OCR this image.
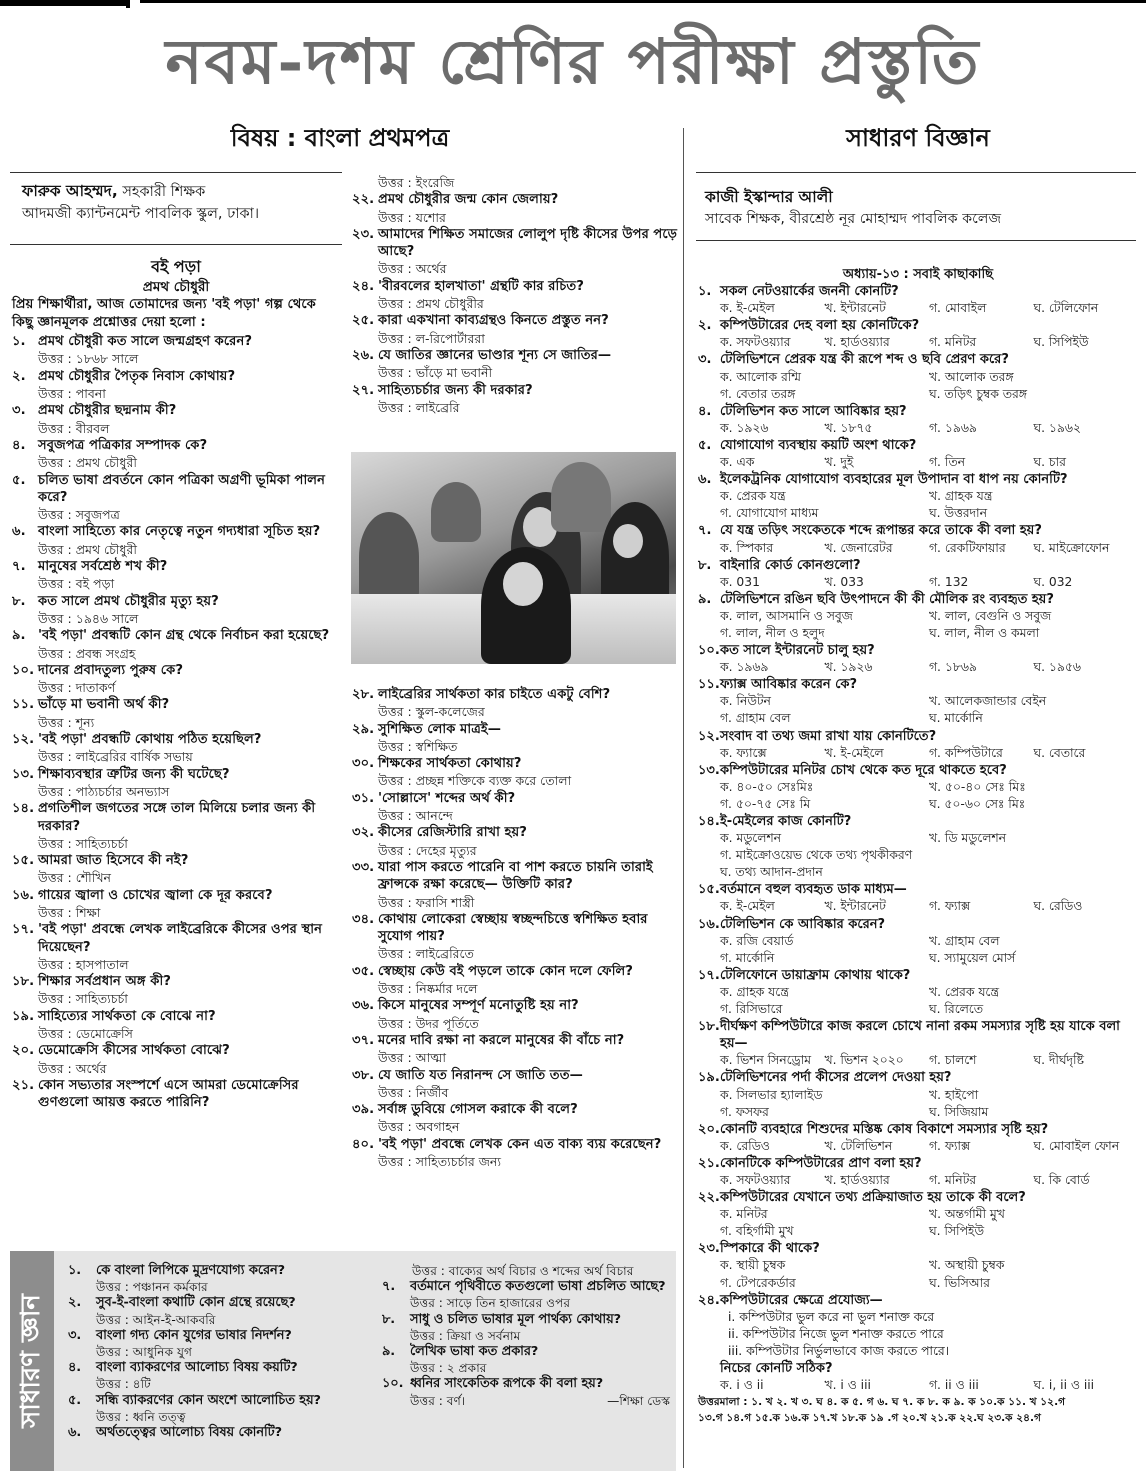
নবম-দশম শ্রেণির পরীক্ষা প্রস্তুতি
বিষয় : বাংলা প্রথমপত্র	সাধারণ বিজ্ঞান
ফারুক আহম্মদ, সহকারী শিক্ষক
আদমজী ক্যান্টনমেন্ট পাবলিক স্কুল, ঢাকা।
বই পড়া
প্রমথ চৌধুরী
প্রিয় শিক্ষার্থীরা, আজ তোমাদের জন্য 'বই পড়া' গল্প থেকে কিছু জ্ঞানমূলক প্রশ্নোত্তর দেয়া হলো :
১. প্রমথ চৌধুরী কত সালে জন্মগ্রহণ করেন?
উত্তর : ১৮৬৮ সালে
২. প্রমথ চৌধুরীর পৈতৃক নিবাস কোথায়?
উত্তর : পাবনা
৩. প্রমথ চৌধুরীর ছদ্মনাম কী?
উত্তর : বীরবল
৪. সবুজপত্র পত্রিকার সম্পাদক কে?
উত্তর : প্রমথ চৌধুরী
৫. চলিত ভাষা প্রবর্তনে কোন পত্রিকা অগ্রণী ভূমিকা পালন করে?
উত্তর : সবুজপত্র
৬. বাংলা সাহিত্যে কার নেতৃত্বে নতুন গদ্যধারা সূচিত হয়?
উত্তর : প্রমথ চৌধুরী
৭. মানুষের সর্বশ্রেষ্ঠ শখ কী?
উত্তর : বই পড়া
৮. কত সালে প্রমথ চৌধুরীর মৃত্যু হয়?
উত্তর : ১৯৪৬ সালে
৯. 'বই পড়া' প্রবন্ধটি কোন গ্রন্থ থেকে নির্বাচন করা হয়েছে?
উত্তর : প্রবন্ধ সংগ্রহ
১০. দানের প্রবাদতুল্য পুরুষ কে?
উত্তর : দাতাকর্ণ
১১. ভাঁড়ে মা ভবানী অর্থ কী?
উত্তর : শূন্য
১২. 'বই পড়া' প্রবন্ধটি কোথায় পঠিত হয়েছিল?
উত্তর : লাইব্রেরির বার্ষিক সভায়
১৩. শিক্ষাব্যবস্থার ত্রুটির জন্য কী ঘটেছে?
উত্তর : পাঠ্যচর্চার অনভ্যাস
১৪. প্রগতিশীল জগতের সঙ্গে তাল মিলিয়ে চলার জন্য কী দরকার?
উত্তর : সাহিত্যচর্চা
১৫. আমরা জাত হিসেবে কী নই?
উত্তর : শৌখিন
১৬. গায়ের জ্বালা ও চোখের জ্বালা কে দূর করবে?
উত্তর : শিক্ষা
১৭. 'বই পড়া' প্রবন্ধে লেখক লাইব্রেরিকে কীসের ওপর স্থান দিয়েছেন?
উত্তর : হাসপাতাল
১৮. শিক্ষার সর্বপ্রধান অঙ্গ কী?
উত্তর : সাহিত্যচর্চা
১৯. সাহিত্যের সার্থকতা কে বোঝে না?
উত্তর : ডেমোক্রেসি
২০. ডেমোক্রেসি কীসের সার্থকতা বোঝে?
উত্তর : অর্থের
২১. কোন সভ্যতার সংস্পর্শে এসে আমরা ডেমোক্রেসির গুণগুলো আয়ত্ত করতে পারিনি?
উত্তর : ইংরেজি
২২. প্রমথ চৌধুরীর জন্ম কোন জেলায়?
উত্তর : যশোর
২৩. আমাদের শিক্ষিত সমাজের লোলুপ দৃষ্টি কীসের উপর পড়ে আছে?
উত্তর : অর্থের
২৪. 'বীরবলের হালখাতা' গ্রন্থটি কার রচিত?
উত্তর : প্রমথ চৌধুরীর
২৫. কারা একখানা কাব্যগ্রন্থও কিনতে প্রস্তুত নন?
উত্তর : ল-রিপোর্টাররা
২৬. যে জাতির জ্ঞানের ভাণ্ডার শূন্য সে জাতির—
উত্তর : ভাঁড়ে মা ভবানী
২৭. সাহিত্যচর্চার জন্য কী দরকার?
উত্তর : লাইব্রেরি
২৮. লাইব্রেরির সার্থকতা কার চাইতে একটু বেশি?
উত্তর : স্কুল-কলেজের
২৯. সুশিক্ষিত লোক মাত্রই—
উত্তর : স্বশিক্ষিত
৩০. শিক্ষকের সার্থকতা কোথায়?
উত্তর : প্রচ্ছন্ন শক্তিকে ব্যক্ত করে তোলা
৩১. 'সোল্লাসে' শব্দের অর্থ কী?
উত্তর : আনন্দে
৩২. কীসের রেজিস্টারি রাখা হয়?
উত্তর : দেহের মৃত্যুর
৩৩. যারা পাস করতে পারেনি বা পাশ করতে চায়নি তারাই ফ্রান্সকে রক্ষা করেছে— উক্তিটি কার?
উত্তর : ফরাসি শাস্ত্রী
৩৪. কোথায় লোকেরা স্বেচ্ছায় স্বচ্ছন্দচিত্তে স্বশিক্ষিত হবার সুযোগ পায়?
উত্তর : লাইব্রেরিতে
৩৫. স্বেচ্ছায় কেউ বই পড়লে তাকে কোন দলে ফেলি?
উত্তর : নিষ্কর্মার দলে
৩৬. কিসে মানুষের সম্পূর্ণ মনোতুষ্টি হয় না?
উত্তর : উদর পূর্তিতে
৩৭. মনের দাবি রক্ষা না করলে মানুষের কী বাঁচে না?
উত্তর : আত্মা
৩৮. যে জাতি যত নিরানন্দ সে জাতি তত—
উত্তর : নির্জীব
৩৯. সর্বাঙ্গ ডুবিয়ে গোসল করাকে কী বলে?
উত্তর : অবগাহন
৪০. 'বই পড়া' প্রবন্ধে লেখক কেন এত বাক্য ব্যয় করেছেন?
উত্তর : সাহিত্যচর্চার জন্য
সাধারণ জ্ঞান
১.	কে বাংলা লিপিকে মুদ্রণযোগ্য করেন?
উত্তর : পঞ্চানন কর্মকার
২.	সুব-ই-বাংলা কথাটি কোন গ্রন্থে রয়েছে?
উত্তর : আইন-ই-আকবরি
৩.	বাংলা গদ্য কোন যুগের ভাষার নিদর্শন?
উত্তর : আধুনিক যুগ
৪.	বাংলা ব্যাকরণের আলোচ্য বিষয় কয়টি?
উত্তর : ৪টি
৫.	সন্ধি ব্যাকরণের কোন অংশে আলোচিত হয়?
উত্তর : ধ্বনি তত্ত্ব
৬.	অর্থতত্ত্বের আলোচ্য বিষয় কোনটি?
উত্তর : বাক্যের অর্থ বিচার ও শব্দের অর্থ বিচার
৭.	বর্তমানে পৃথিবীতে কতগুলো ভাষা প্রচলিত আছে?
উত্তর : সাড়ে তিন হাজারের ওপর
৮.	সাধু ও চলিত ভাষার মূল পার্থক্য কোথায়?
উত্তর : ক্রিয়া ও সর্বনাম
৯.	লৈখিক ভাষা কত প্রকার?
উত্তর : ২ প্রকার
১০. ধ্বনির সাংকেতিক রূপকে কী বলা হয়?
উত্তর : বর্ণ।	—শিক্ষা ডেস্ক
কাজী ইস্কান্দার আলী
সাবেক শিক্ষক, বীরশ্রেষ্ঠ নূর মোহাম্মদ পাবলিক কলেজ
অধ্যায়-১৩ : সবাই কাছাকাছি
১. সকল নেটওয়ার্কের জননী কোনটি?
ক. ই-মেইল	খ. ইন্টারনেট	গ. মোবাইল	ঘ. টেলিফোন
২. কম্পিউটারের দেহ বলা হয় কোনটিকে?
ক. সফটওয়্যার	খ. হার্ডওয়্যার	গ. মনিটর	ঘ. সিপিইউ
৩. টেলিভিশনে প্রেরক যন্ত্র কী রূপে শব্দ ও ছবি প্রেরণ করে?
ক. আলোক রশ্মি	খ. আলোক তরঙ্গ
গ. বেতার তরঙ্গ	ঘ. তড়িৎ চুম্বক তরঙ্গ
৪. টেলিভিশন কত সালে আবিষ্কার হয়?
ক. ১৯২৬	খ. ১৮৭৫	গ. ১৯৬৯	ঘ. ১৯৬২
৫. যোগাযোগ ব্যবস্থায় কয়টি অংশ থাকে?
ক. এক	খ. দুই	গ. তিন	ঘ. চার
৬. ইলেকট্রনিক যোগাযোগ ব্যবহারের মূল উপাদান বা ধাপ নয় কোনটি?
ক. প্রেরক যন্ত্র	খ. গ্রাহক যন্ত্র
গ. যোগাযোগ মাধ্যম	ঘ. উত্তরদান
৭. যে যন্ত্র তড়িৎ সংকেতকে শব্দে রূপান্তর করে তাকে কী বলা হয়?
ক. স্পিকার	খ. জেনারেটর	গ. রেকটিফায়ার	ঘ. মাইক্রোফোন
৮. বাইনারি কোর্ড কোনগুলো?
ক. 031	খ. 033	গ. 132	ঘ. 032
৯. টেলিভিশনে রঙিন ছবি উৎপাদনে কী কী মৌলিক রং ব্যবহৃত হয়?
ক. লাল, আসমানি ও সবুজ	খ. লাল, বেগুনি ও সবুজ
গ. লাল, নীল ও হলুদ	ঘ. লাল, নীল ও কমলা
১০. কত সালে ইন্টারনেট চালু হয়?
ক. ১৯৬৯	খ. ১৯২৬	গ. ১৮৬৯	ঘ. ১৯৫৬
১১. ফ্যাক্স আবিষ্কার করেন কে?
ক. নিউটন	খ. আলেকজান্ডার বেইন
গ. গ্রাহাম বেল	ঘ. মার্কোনি
১২. সংবাদ বা তথ্য জমা রাখা যায় কোনটিতে?
ক. ফ্যাক্সে	খ. ই-মেইলে	গ. কম্পিউটারে	ঘ. বেতারে
১৩. কম্পিউটারের মনিটর চোখ থেকে কত দূরে থাকতে হবে?
ক. ৪০-৫০ সেঃমিঃ	খ. ৫০-৪০ সেঃ মিঃ
গ. ৫০-৭৫ সেঃ মি	ঘ. ৫০-৬০ সেঃ মিঃ
১৪. ই-মেইলের কাজ কোনটি?
ক. মডুলেশন	খ. ডি মডুলেশন
গ. মাইক্রোওয়েভ থেকে তথ্য পৃথকীকরণ
ঘ. তথ্য আদান-প্রদান
১৫. বর্তমানে বহুল ব্যবহৃত ডাক মাধ্যম—
ক. ই-মেইল	খ. ইন্টারনেট	গ. ফ্যাক্স	ঘ. রেডিও
১৬. টেলিভিশন কে আবিষ্কার করেন?
ক. রজি বেয়ার্ড	খ. গ্রাহাম বেল
গ. মার্কোনি	ঘ. স্যামুয়েল মোর্স
১৭. টেলিফোনে ডায়াফ্রাম কোথায় থাকে?
ক. গ্রাহক যন্ত্রে	খ. প্রেরক যন্ত্রে
গ. রিসিভারে	ঘ. রিলেতে
১৮. দীর্ঘক্ষণ কম্পিউটারে কাজ করলে চোখে নানা রকম সমস্যার সৃষ্টি হয় যাকে বলা হয়—
ক. ভিশন সিনড্রোম	খ. ভিশন ২০২০	গ. চালশে	ঘ. দীর্ঘদৃষ্টি
১৯. টেলিভিশনের পর্দা কীসের প্রলেপ দেওয়া হয়?
ক. সিলভার হ্যালাইড	খ. হাইপো
গ. ফসফর	ঘ. সিজিয়াম
২০. কোনটি ব্যবহারে শিশুদের মস্তিষ্ক কোষ বিকাশে সমস্যার সৃষ্টি হয়?
ক. রেডিও	খ. টেলিভিশন	গ. ফ্যাক্স	ঘ. মোবাইল ফোন
২১. কোনটিকে কম্পিউটারের প্রাণ বলা হয়?
ক. সফটওয়্যার	খ. হার্ডওয়্যার	গ. মনিটর	ঘ. কি বোর্ড
২২. কম্পিউটারের যেখানে তথ্য প্রক্রিয়াজাত হয় তাকে কী বলে?
ক. মনিটর	খ. অন্তর্গামী মুখ
গ. বহির্গামী মুখ	ঘ. সিপিইউ
২৩. স্পিকারে কী থাকে?
ক. স্থায়ী চুম্বক	খ. অস্থায়ী চুম্বক
গ. টেপরেকর্ডার	ঘ. ভিসিআর
২৪. কম্পিউটারের ক্ষেত্রে প্রযোজ্য—
i. কম্পিউটার ভুল করে না ভুল শনাক্ত করে
ii. কম্পিউটার নিজে ভুল শনাক্ত করতে পারে
iii. কম্পিউটার নির্ভুলভাবে কাজ করতে পারে।
নিচের কোনটি সঠিক?
ক. i ও ii	খ. i ও iii	গ. ii ও iii	ঘ. i, ii ও iii
উত্তরমালা : ১. খ ২. খ ৩. ঘ ৪. ক ৫. গ ৬. ঘ ৭. ক ৮. ক ৯. ক ১০.ক ১১. খ ১২.গ
১৩.গ ১৪.গ ১৫.ক ১৬.ক ১৭.খ ১৮.ক ১৯ .গ ২০.খ ২১.ক ২২.ঘ ২৩.ক ২৪.গ
